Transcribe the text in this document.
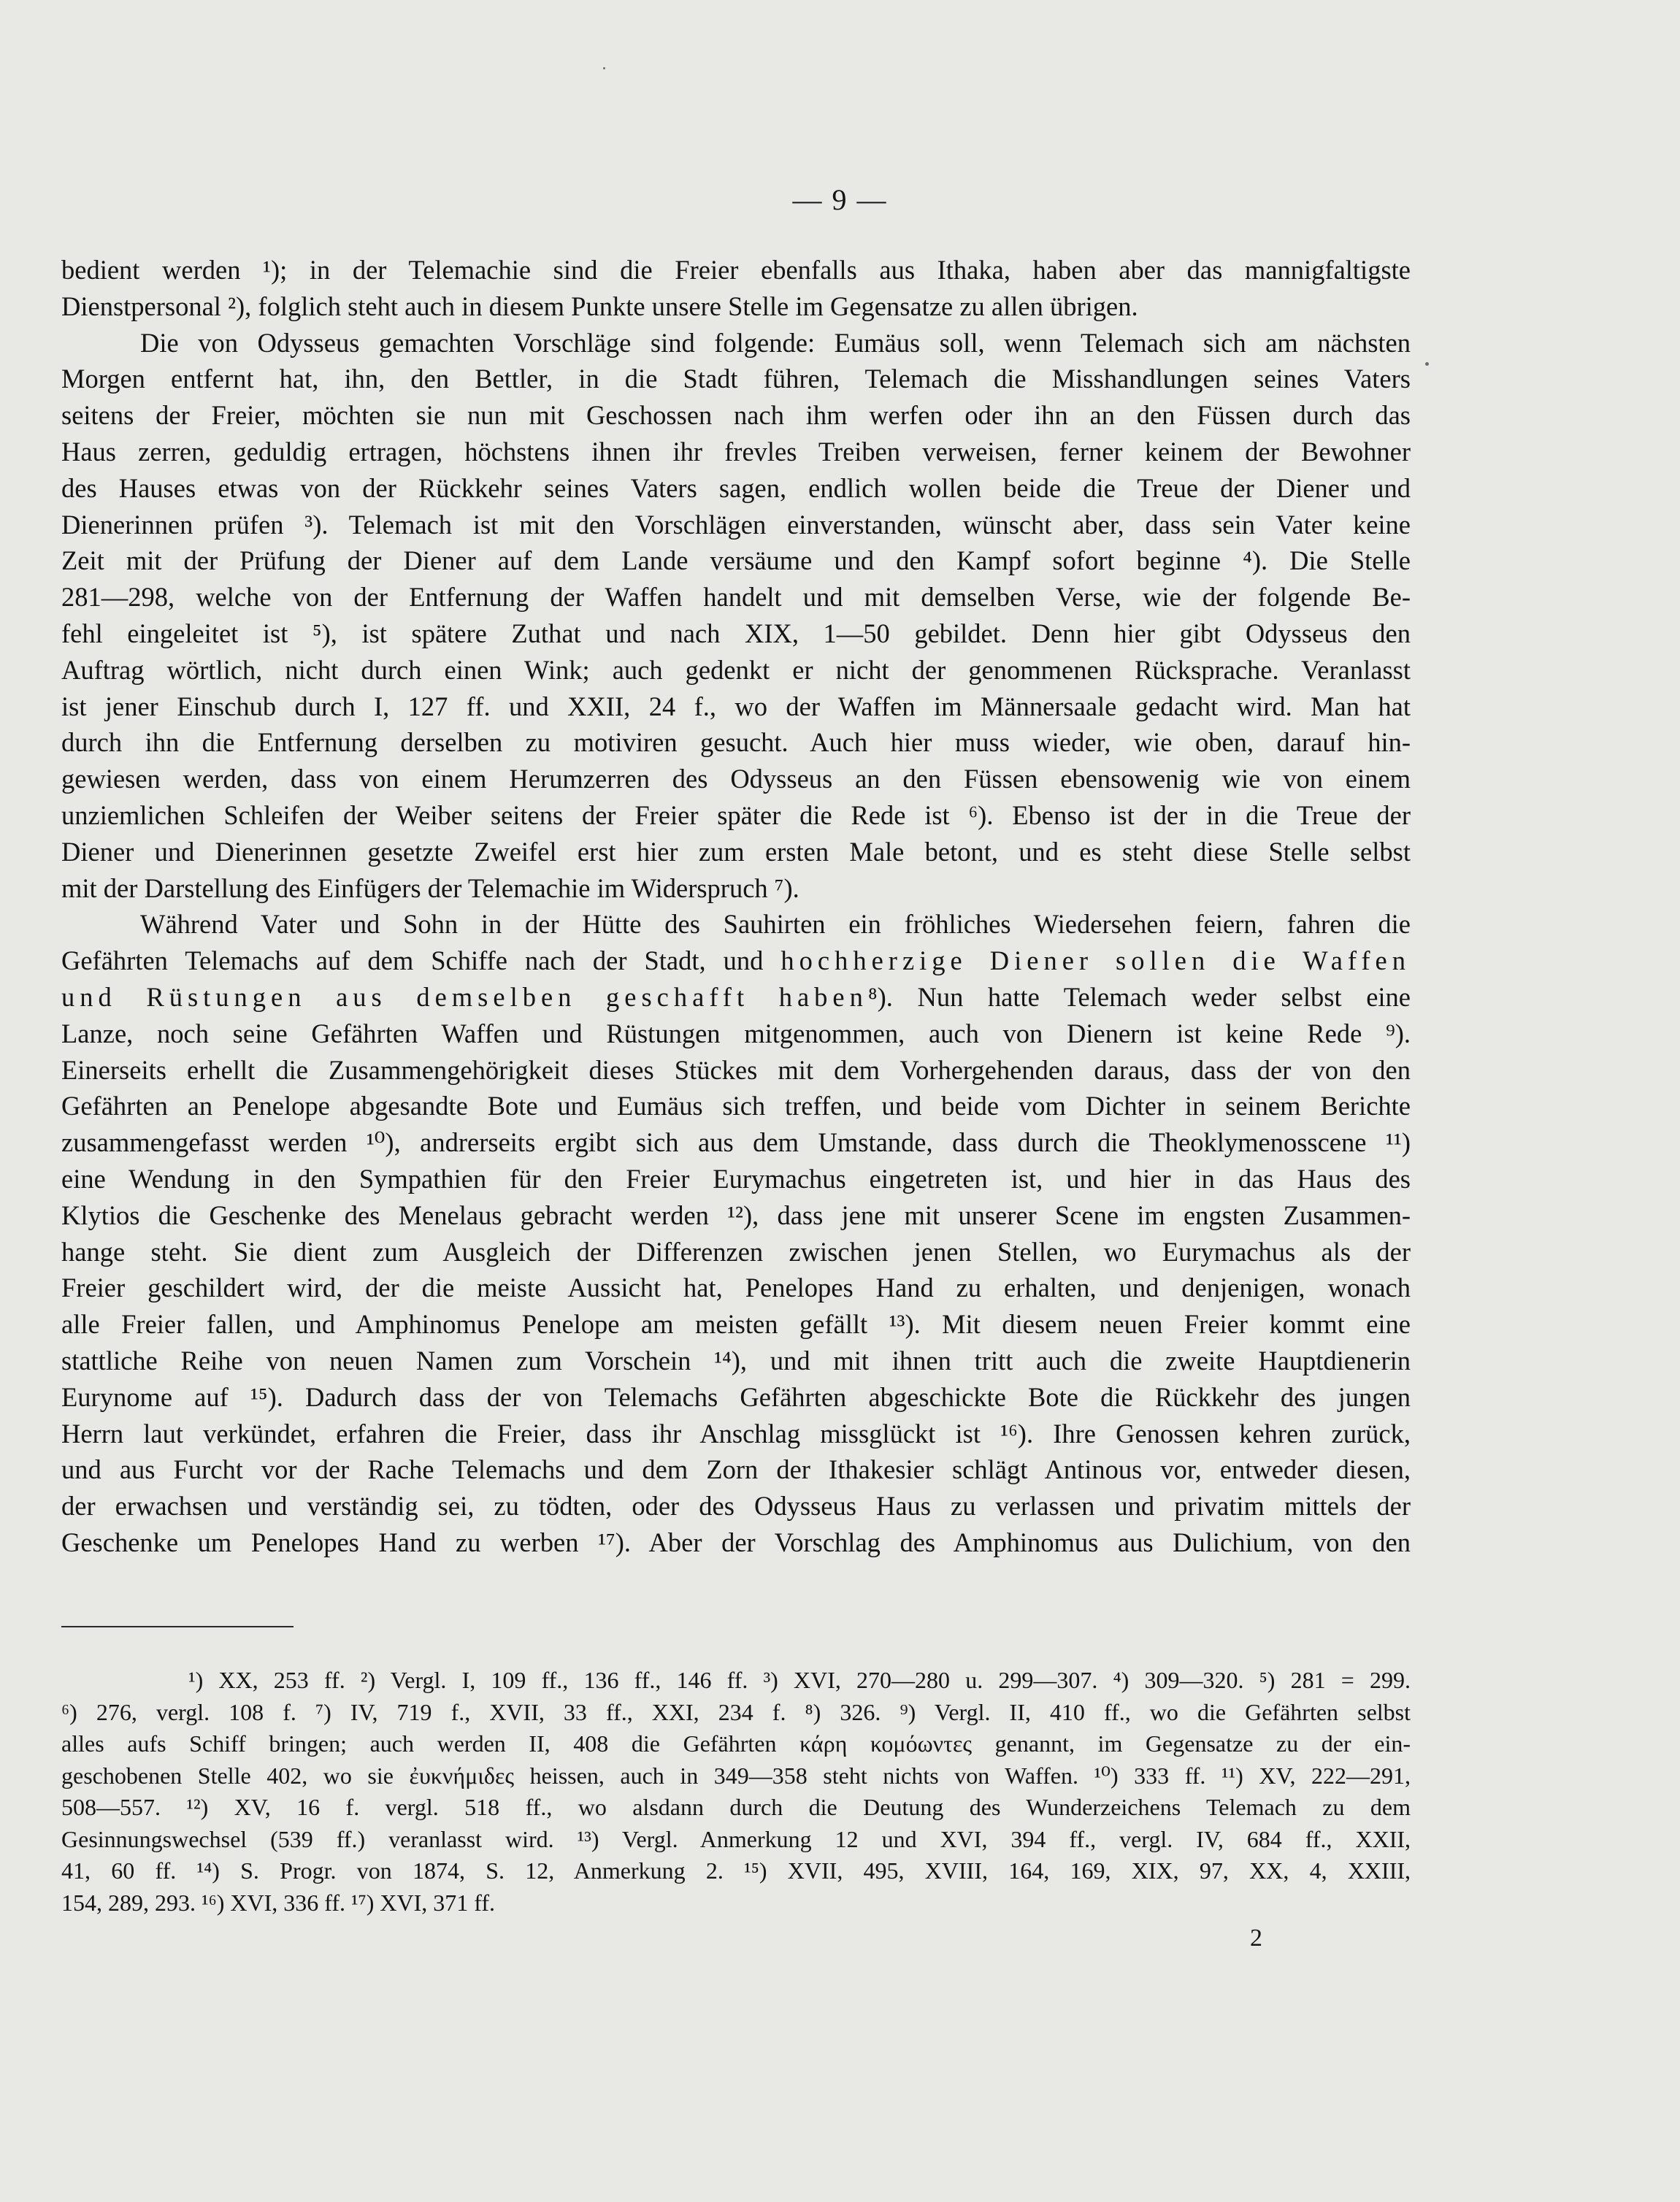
— 9 —

bedient werden ¹); in der Telemachie sind die Freier ebenfalls aus Ithaka, haben aber das mannigfaltigste
Dienstpersonal ²), folglich steht auch in diesem Punkte unsere Stelle im Gegensatze zu allen übrigen.

Die von Odysseus gemachten Vorschläge sind folgende: Eumäus soll, wenn Telemach sich am nächsten
Morgen entfernt hat, ihn, den Bettler, in die Stadt führen, Telemach die Misshandlungen seines Vaters
seitens der Freier, möchten sie nun mit Geschossen nach ihm werfen oder ihn an den Füssen durch das
Haus zerren, geduldig ertragen, höchstens ihnen ihr frevles Treiben verweisen, ferner keinem der Bewohner
des Hauses etwas von der Rückkehr seines Vaters sagen, endlich wollen beide die Treue der Diener und
Dienerinnen prüfen ³). Telemach ist mit den Vorschlägen einverstanden, wünscht aber, dass sein Vater keine
Zeit mit der Prüfung der Diener auf dem Lande versäume und den Kampf sofort beginne ⁴). Die Stelle
281—298, welche von der Entfernung der Waffen handelt und mit demselben Verse, wie der folgende Be-
fehl eingeleitet ist ⁵), ist spätere Zuthat und nach XIX, 1—50 gebildet. Denn hier gibt Odysseus den
Auftrag wörtlich, nicht durch einen Wink; auch gedenkt er nicht der genommenen Rücksprache. Veranlasst
ist jener Einschub durch I, 127 ff. und XXII, 24 f., wo der Waffen im Männersaale gedacht wird. Man hat
durch ihn die Entfernung derselben zu motiviren gesucht. Auch hier muss wieder, wie oben, darauf hin-
gewiesen werden, dass von einem Herumzerren des Odysseus an den Füssen ebensowenig wie von einem
unziemlichen Schleifen der Weiber seitens der Freier später die Rede ist ⁶). Ebenso ist der in die Treue der
Diener und Dienerinnen gesetzte Zweifel erst hier zum ersten Male betont, und es steht diese Stelle selbst
mit der Darstellung des Einfügers der Telemachie im Widerspruch ⁷).

Während Vater und Sohn in der Hütte des Sauhirten ein fröhliches Wiedersehen feiern, fahren die
Gefährten Telemachs auf dem Schiffe nach der Stadt, und hochherzige Diener sollen die Waffen
und Rüstungen aus demselben geschafft haben⁸). Nun hatte Telemach weder selbst eine
Lanze, noch seine Gefährten Waffen und Rüstungen mitgenommen, auch von Dienern ist keine Rede ⁹).
Einerseits erhellt die Zusammengehörigkeit dieses Stückes mit dem Vorhergehenden daraus, dass der von den
Gefährten an Penelope abgesandte Bote und Eumäus sich treffen, und beide vom Dichter in seinem Berichte
zusammengefasst werden ¹⁰), andrerseits ergibt sich aus dem Umstande, dass durch die Theoklymenosscene ¹¹)
eine Wendung in den Sympathien für den Freier Eurymachus eingetreten ist, und hier in das Haus des
Klytios die Geschenke des Menelaus gebracht werden ¹²), dass jene mit unserer Scene im engsten Zusammen-
hange steht. Sie dient zum Ausgleich der Differenzen zwischen jenen Stellen, wo Eurymachus als der
Freier geschildert wird, der die meiste Aussicht hat, Penelopes Hand zu erhalten, und denjenigen, wonach
alle Freier fallen, und Amphinomus Penelope am meisten gefällt ¹³). Mit diesem neuen Freier kommt eine
stattliche Reihe von neuen Namen zum Vorschein ¹⁴), und mit ihnen tritt auch die zweite Hauptdienerin
Eurynome auf ¹⁵). Dadurch dass der von Telemachs Gefährten abgeschickte Bote die Rückkehr des jungen
Herrn laut verkündet, erfahren die Freier, dass ihr Anschlag missglückt ist ¹⁶). Ihre Genossen kehren zurück,
und aus Furcht vor der Rache Telemachs und dem Zorn der Ithakesier schlägt Antinous vor, entweder diesen,
der erwachsen und verständig sei, zu tödten, oder des Odysseus Haus zu verlassen und privatim mittels der
Geschenke um Penelopes Hand zu werben ¹⁷). Aber der Vorschlag des Amphinomus aus Dulichium, von den

¹) XX, 253 ff. ²) Vergl. I, 109 ff., 136 ff., 146 ff. ³) XVI, 270—280 u. 299—307. ⁴) 309—320. ⁵) 281 = 299.
⁶) 276, vergl. 108 f. ⁷) IV, 719 f., XVII, 33 ff., XXI, 234 f. ⁸) 326. ⁹) Vergl. II, 410 ff., wo die Gefährten selbst
alles aufs Schiff bringen; auch werden II, 408 die Gefährten κάρη κομόωντες genannt, im Gegensatze zu der ein-
geschobenen Stelle 402, wo sie ἐυκνήμιδες heissen, auch in 349—358 steht nichts von Waffen. ¹⁰) 333 ff. ¹¹) XV, 222—291,
508—557. ¹²) XV, 16 f. vergl. 518 ff., wo alsdann durch die Deutung des Wunderzeichens Telemach zu dem
Gesinnungswechsel (539 ff.) veranlasst wird. ¹³) Vergl. Anmerkung 12 und XVI, 394 ff., vergl. IV, 684 ff., XXII,
41, 60 ff. ¹⁴) S. Progr. von 1874, S. 12, Anmerkung 2. ¹⁵) XVII, 495, XVIII, 164, 169, XIX, 97, XX, 4, XXIII,
154, 289, 293. ¹⁶) XVI, 336 ff. ¹⁷) XVI, 371 ff.
2
